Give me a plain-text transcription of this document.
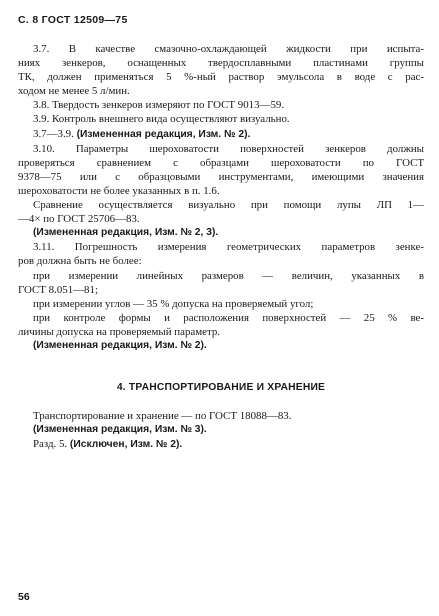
С. 8 ГОСТ 12509—75

3.7. В качестве смазочно-охлаждающей жидкости при испыта-

ниях зенкеров, оснащенных твердосплавными пластинами группы

ТК, должен применяться 5 %-ный раствор эмульсола в воде с рас-

ходом не менее 5 л/мин.

3.8. Твердость зенкеров измеряют по ГОСТ 9013—59.

3.9. Контроль внешнего вида осуществляют визуально.

3.7—3.9. (Измененная редакция, Изм. № 2).

3.10. Параметры шероховатости поверхностей зенкеров должны

проверяться сравнением с образцами шероховатости по ГОСТ

9378—75 или с образцовыми инструментами, имеющими значения

шероховатости не более указанных в п. 1.6.

Сравнение осуществляется визуально при помощи лупы ЛП 1—

—4× по ГОСТ 25706—83.

(Измененная редакция, Изм. № 2, 3).

3.11. Погрешность измерения геометрических параметров зенке-

ров должна быть не более:

при измерении линейных размеров — величин, указанных в

ГОСТ 8.051—81;

при измерении углов — 35 % допуска на проверяемый угол;

при контроле формы и расположения поверхностей — 25 % ве-

личины допуска на проверяемый параметр.

(Измененная редакция, Изм. № 2).

4. ТРАНСПОРТИРОВАНИЕ И ХРАНЕНИЕ

Транспортирование и хранение — по ГОСТ 18088—83.

(Измененная редакция, Изм. № 3).

Разд. 5. (Исключен, Изм. № 2).

56
